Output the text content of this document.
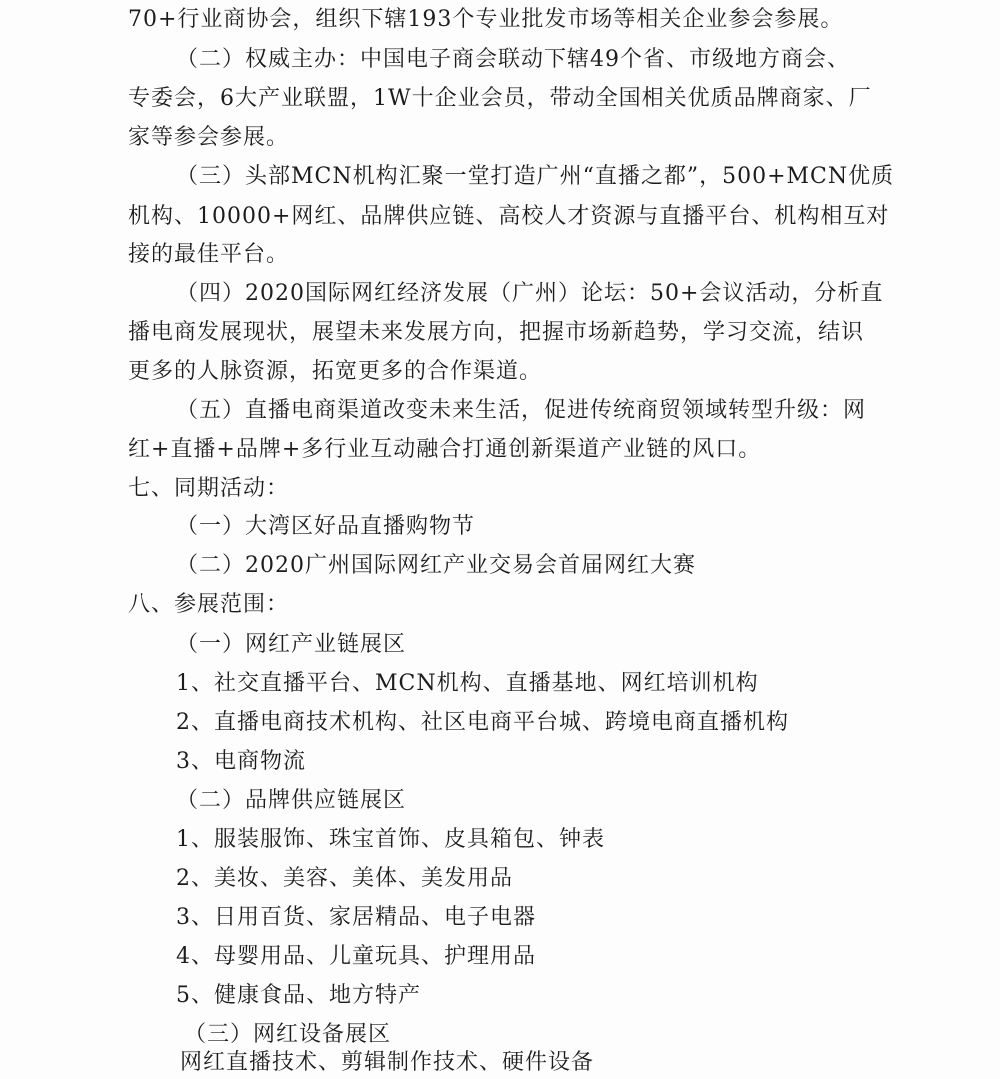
70+行业商协会，组织下辖193个专业批发市场等相关企业参会参展。
（二）权威主办：中国电子商会联动下辖49个省、市级地方商会、
专委会，6大产业联盟，1W十企业会员，带动全国相关优质品牌商家、厂
家等参会参展。
（三）头部MCN机构汇聚一堂打造广州“直播之都”，500+MCN优质
机构、10000+网红、品牌供应链、高校人才资源与直播平台、机构相互对
接的最佳平台。
（四）2020国际网红经济发展（广州）论坛：50+会议活动，分析直
播电商发展现状，展望未来发展方向，把握市场新趋势，学习交流，结识
更多的人脉资源，拓宽更多的合作渠道。
（五）直播电商渠道改变未来生活，促进传统商贸领域转型升级：网
红+直播+品牌+多行业互动融合打通创新渠道产业链的风口。
七、同期活动：
（一）大湾区好品直播购物节
（二）2020广州国际网红产业交易会首届网红大赛
八、参展范围：
（一）网红产业链展区
1、社交直播平台、MCN机构、直播基地、网红培训机构
2、直播电商技术机构、社区电商平台城、跨境电商直播机构
3、电商物流
（二）品牌供应链展区
1、服装服饰、珠宝首饰、皮具箱包、钟表
2、美妆、美容、美体、美发用品
3、日用百货、家居精品、电子电器
4、母婴用品、儿童玩具、护理用品
5、健康食品、地方特产
（三）网红设备展区
网红直播技术、剪辑制作技术、硬件设备
